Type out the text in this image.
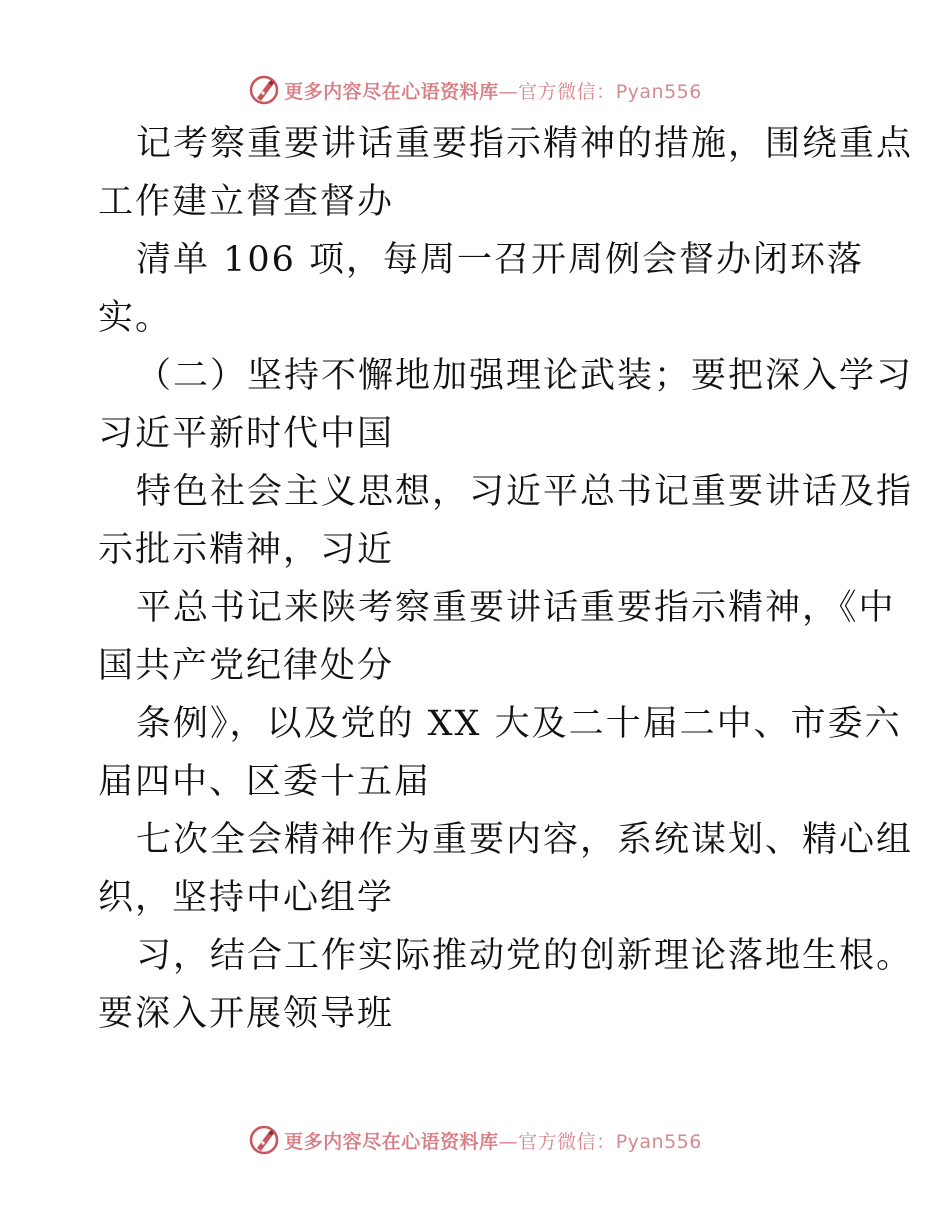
更多内容尽在心语资料库—官方微信：Pyan556
记考察重要讲话重要指示精神的措施，围绕重点
工作建立督查督办
清单 106 项，每周一召开周例会督办闭环落
实。
（二）坚持不懈地加强理论武装；要把深入学习
习近平新时代中国
特色社会主义思想，习近平总书记重要讲话及指
示批示精神，习近
平总书记来陕考察重要讲话重要指示精神，《中
国共产党纪律处分
条例》，以及党的 XX 大及二十届二中、市委六
届四中、区委十五届
七次全会精神作为重要内容，系统谋划、精心组
织，坚持中心组学
习，结合工作实际推动党的创新理论落地生根。
要深入开展领导班
更多内容尽在心语资料库—官方微信：Pyan556
